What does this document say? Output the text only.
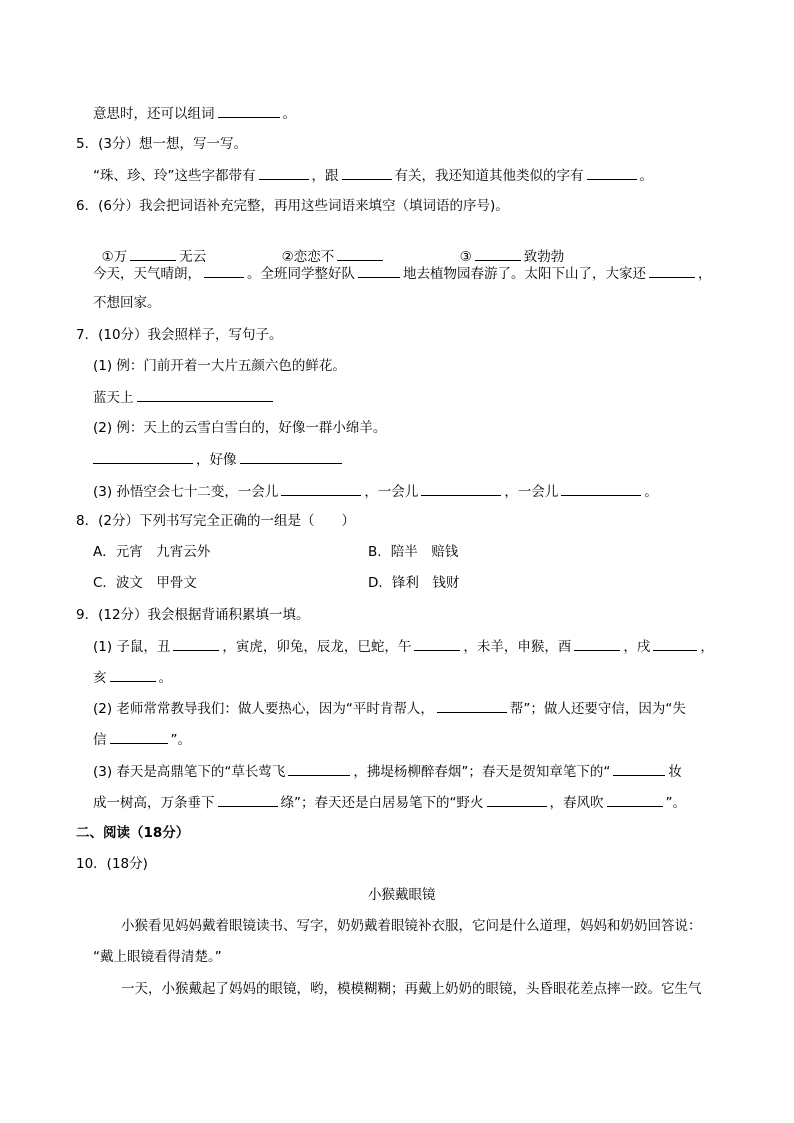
意思时，还可以组词	。
5．(3分）想一想，写一写。
“珠、珍、玲”这些字都带有	，跟	有关，我还知道其他类似的字有	。
6．(6分）我会把词语补充完整，再用这些词语来填空（填词语的序号)。

①万	无云	②恋恋不	③	致勃勃

今天，天气晴朗，	。全班同学整好队	地去植物园春游了。太阳下山了，大家还	，
不想回家。
7．(10分）我会照样子，写句子。
(1) 例：门前开着一大片五颜六色的鲜花。
蓝天上
(2) 例：天上的云雪白雪白的，好像一群小绵羊。
，好像
(3) 孙悟空会七十二变，一会儿	，一会儿	，一会儿	。
8．(2分）下列书写完全正确的一组是（　　）
A．元宵　九宵云外	B．陪半　赔钱
C．波文　甲骨文	D．锋利　钱财
9．(12分）我会根据背诵积累填一填。
(1) 子鼠，丑	，寅虎，卯兔，辰龙，巳蛇，午	，未羊，申猴，酉	，戌	，
亥	。
(2) 老师常常教导我们：做人要热心，因为“平时肯帮人，	帮”；做人还要守信，因为“失
信	”。
(3) 春天是高鼎笔下的“草长莺飞	，拂堤杨柳醉春烟”；春天是贺知章笔下的“	妆
成一树高，万条垂下	绦”；春天还是白居易笔下的“野火	，春风吹	”。
二、阅读（18分）
10．(18分)
小猴戴眼镜
小猴看见妈妈戴着眼镜读书、写字，奶奶戴着眼镜补衣服，它问是什么道理，妈妈和奶奶回答说：
“戴上眼镜看得清楚。”
一天，小猴戴起了妈妈的眼镜，哟，模模糊糊；再戴上奶奶的眼镜，头昏眼花差点摔一跤。它生气
